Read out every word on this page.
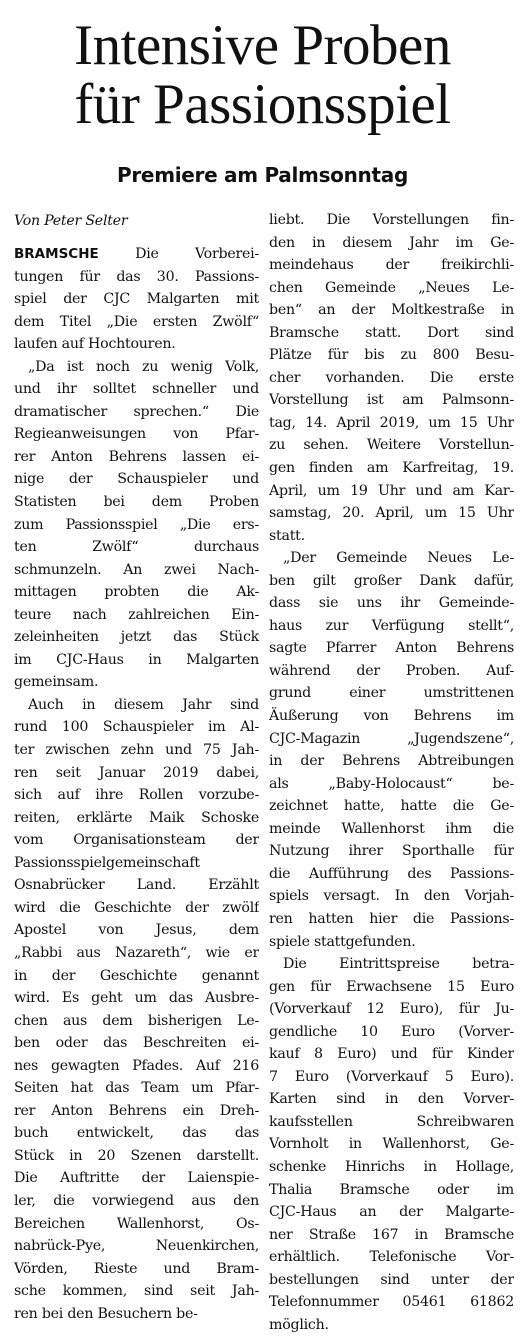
Intensive Proben
für Passionsspiel
Premiere am Palmsonntag
Von Peter Selter
BRAMSCHE Die Vorberei-
tungen für das 30. Passions-
spiel der CJC Malgarten mit
dem Titel „Die ersten Zwölf“
laufen auf Hochtouren.
„Da ist noch zu wenig Volk,
und ihr solltet schneller und
dramatischer sprechen.“ Die
Regieanweisungen von Pfar-
rer Anton Behrens lassen ei-
nige der Schauspieler und
Statisten bei dem Proben
zum Passionsspiel „Die ers-
ten Zwölf“ durchaus
schmunzeln. An zwei Nach-
mittagen probten die Ak-
teure nach zahlreichen Ein-
zeleinheiten jetzt das Stück
im CJC-Haus in Malgarten
gemeinsam.
Auch in diesem Jahr sind
rund 100 Schauspieler im Al-
ter zwischen zehn und 75 Jah-
ren seit Januar 2019 dabei,
sich auf ihre Rollen vorzube-
reiten, erklärte Maik Schoske
vom Organisationsteam der
Passionsspielgemeinschaft
Osnabrücker Land. Erzählt
wird die Geschichte der zwölf
Apostel von Jesus, dem
„Rabbi aus Nazareth“, wie er
in der Geschichte genannt
wird. Es geht um das Ausbre-
chen aus dem bisherigen Le-
ben oder das Beschreiten ei-
nes gewagten Pfades. Auf 216
Seiten hat das Team um Pfar-
rer Anton Behrens ein Dreh-
buch entwickelt, das das
Stück in 20 Szenen darstellt.
Die Auftritte der Laienspie-
ler, die vorwiegend aus den
Bereichen Wallenhorst, Os-
nabrück-Pye, Neuenkirchen,
Vörden, Rieste und Bram-
sche kommen, sind seit Jah-
ren bei den Besuchern be-
liebt. Die Vorstellungen fin-
den in diesem Jahr im Ge-
meindehaus der freikirchli-
chen Gemeinde „Neues Le-
ben“ an der Moltkestraße in
Bramsche statt. Dort sind
Plätze für bis zu 800 Besu-
cher vorhanden. Die erste
Vorstellung ist am Palmsonn-
tag, 14. April 2019, um 15 Uhr
zu sehen. Weitere Vorstellun-
gen finden am Karfreitag, 19.
April, um 19 Uhr und am Kar-
samstag, 20. April, um 15 Uhr
statt.
„Der Gemeinde Neues Le-
ben gilt großer Dank dafür,
dass sie uns ihr Gemeinde-
haus zur Verfügung stellt“,
sagte Pfarrer Anton Behrens
während der Proben. Auf-
grund einer umstrittenen
Äußerung von Behrens im
CJC-Magazin „Jugendszene“,
in der Behrens Abtreibungen
als „Baby-Holocaust“ be-
zeichnet hatte, hatte die Ge-
meinde Wallenhorst ihm die
Nutzung ihrer Sporthalle für
die Aufführung des Passions-
spiels versagt. In den Vorjah-
ren hatten hier die Passions-
spiele stattgefunden.
Die Eintrittspreise betra-
gen für Erwachsene 15 Euro
(Vorverkauf 12 Euro), für Ju-
gendliche 10 Euro (Vorver-
kauf 8 Euro) und für Kinder
7 Euro (Vorverkauf 5 Euro).
Karten sind in den Vorver-
kaufsstellen Schreibwaren
Vornholt in Wallenhorst, Ge-
schenke Hinrichs in Hollage,
Thalia Bramsche oder im
CJC-Haus an der Malgarte-
ner Straße 167 in Bramsche
erhältlich. Telefonische Vor-
bestellungen sind unter der
Telefonnummer 05461 61862
möglich.
